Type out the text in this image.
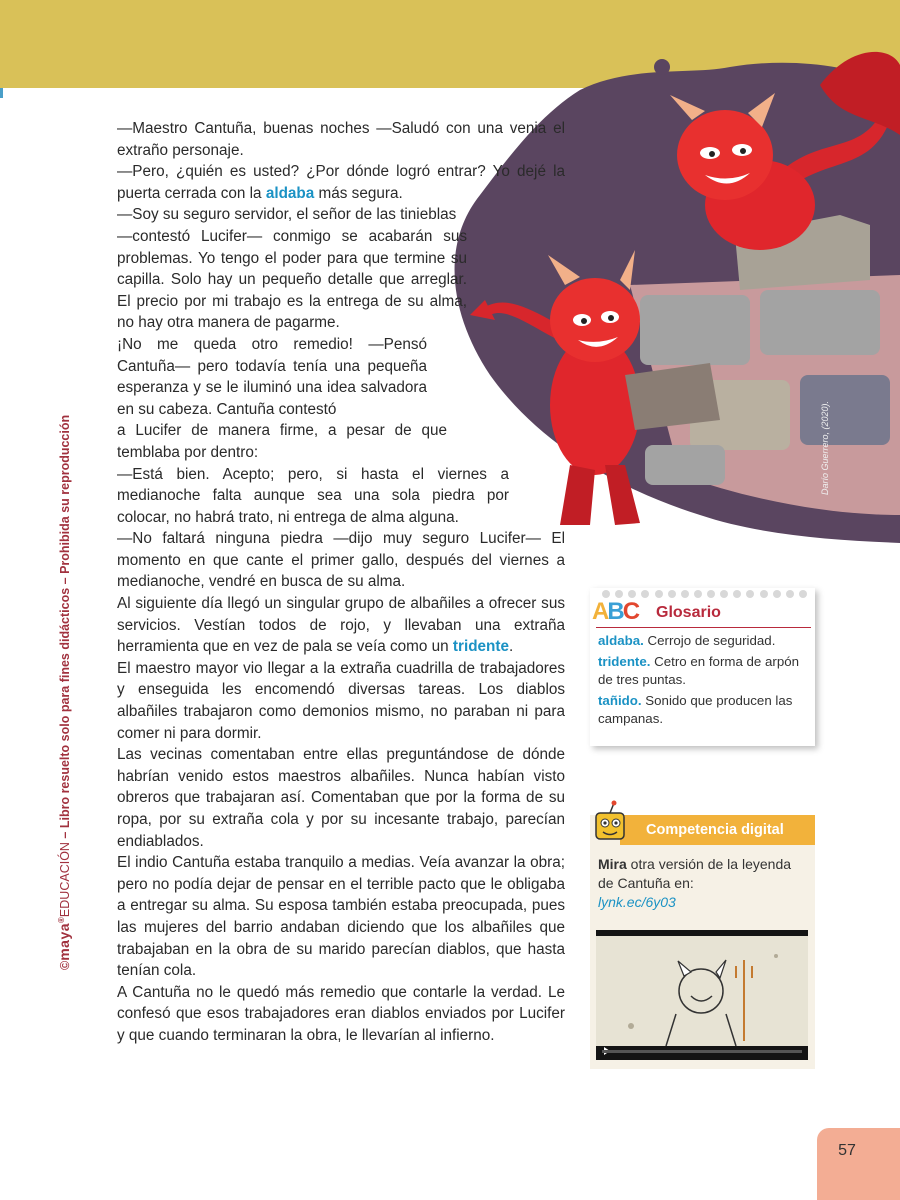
©maya®EDUCACIÓN – Libro resuelto solo para fines didácticos – Prohibida su reproducción	Darío Guerrero, (2020).

—Maestro Cantuña, buenas noches —Saludó con una venia el extraño personaje.

—Pero, ¿quién es usted? ¿Por dónde logró entrar? Yo dejé la puerta cerrada con la aldaba más segura.

—Soy su seguro servidor, el señor de las tinieblas

—contestó Lucifer— conmigo se acabarán sus problemas. Yo tengo el poder para que termine su capilla. Solo hay un pequeño detalle que arreglar. El precio por mi trabajo es la entrega de su alma, no hay otra manera de pagarme.

¡No me queda otro remedio! —Pensó Cantuña— pero todavía tenía una pequeña esperanza y se le iluminó una idea salvadora en su cabeza. Cantuña contestó

a Lucifer de manera firme, a pesar de que temblaba por dentro:

—Está bien. Acepto; pero, si hasta el viernes a medianoche falta aunque sea una sola piedra por colocar, no habrá trato, ni entrega de alma alguna.

—No faltará ninguna piedra —dijo muy seguro Lucifer— El momento en que cante el primer gallo, después del viernes a medianoche, vendré en busca de su alma.

Al siguiente día llegó un singular grupo de albañiles a ofrecer sus servicios. Vestían todos de rojo, y llevaban una extraña herramienta que en vez de pala se veía como un tridente.

El maestro mayor vio llegar a la extraña cuadrilla de trabajadores y enseguida les encomendó diversas tareas. Los diablos albañiles trabajaron como demonios mismo, no paraban ni para comer ni para dormir.

Las vecinas comentaban entre ellas preguntándose de dónde habrían venido estos maestros albañiles. Nunca habían visto obreros que trabajaran así. Comentaban que por la forma de su ropa, por su extraña cola y por su incesante trabajo, parecían endiablados.

El indio Cantuña estaba tranquilo a medias. Veía avanzar la obra; pero no podía dejar de pensar en el terrible pacto que le obligaba a entregar su alma. Su esposa también estaba preocupada, pues las mujeres del barrio andaban diciendo que los albañiles que trabajaban en la obra de su marido parecían diablos, que hasta tenían cola.

A Cantuña no le quedó más remedio que contarle la verdad. Le confesó que esos trabajadores eran diablos enviados por Lucifer y que cuando terminaran la obra, le llevarían al infierno.

ABC Glosario

aldaba. Cerrojo de seguridad.

tridente. Cetro en forma de arpón de tres puntas.

tañido. Sonido que producen las campanas.

Competencia digital
Mira otra versión de la leyenda de Cantuña en:
lynk.ec/6y03
57
